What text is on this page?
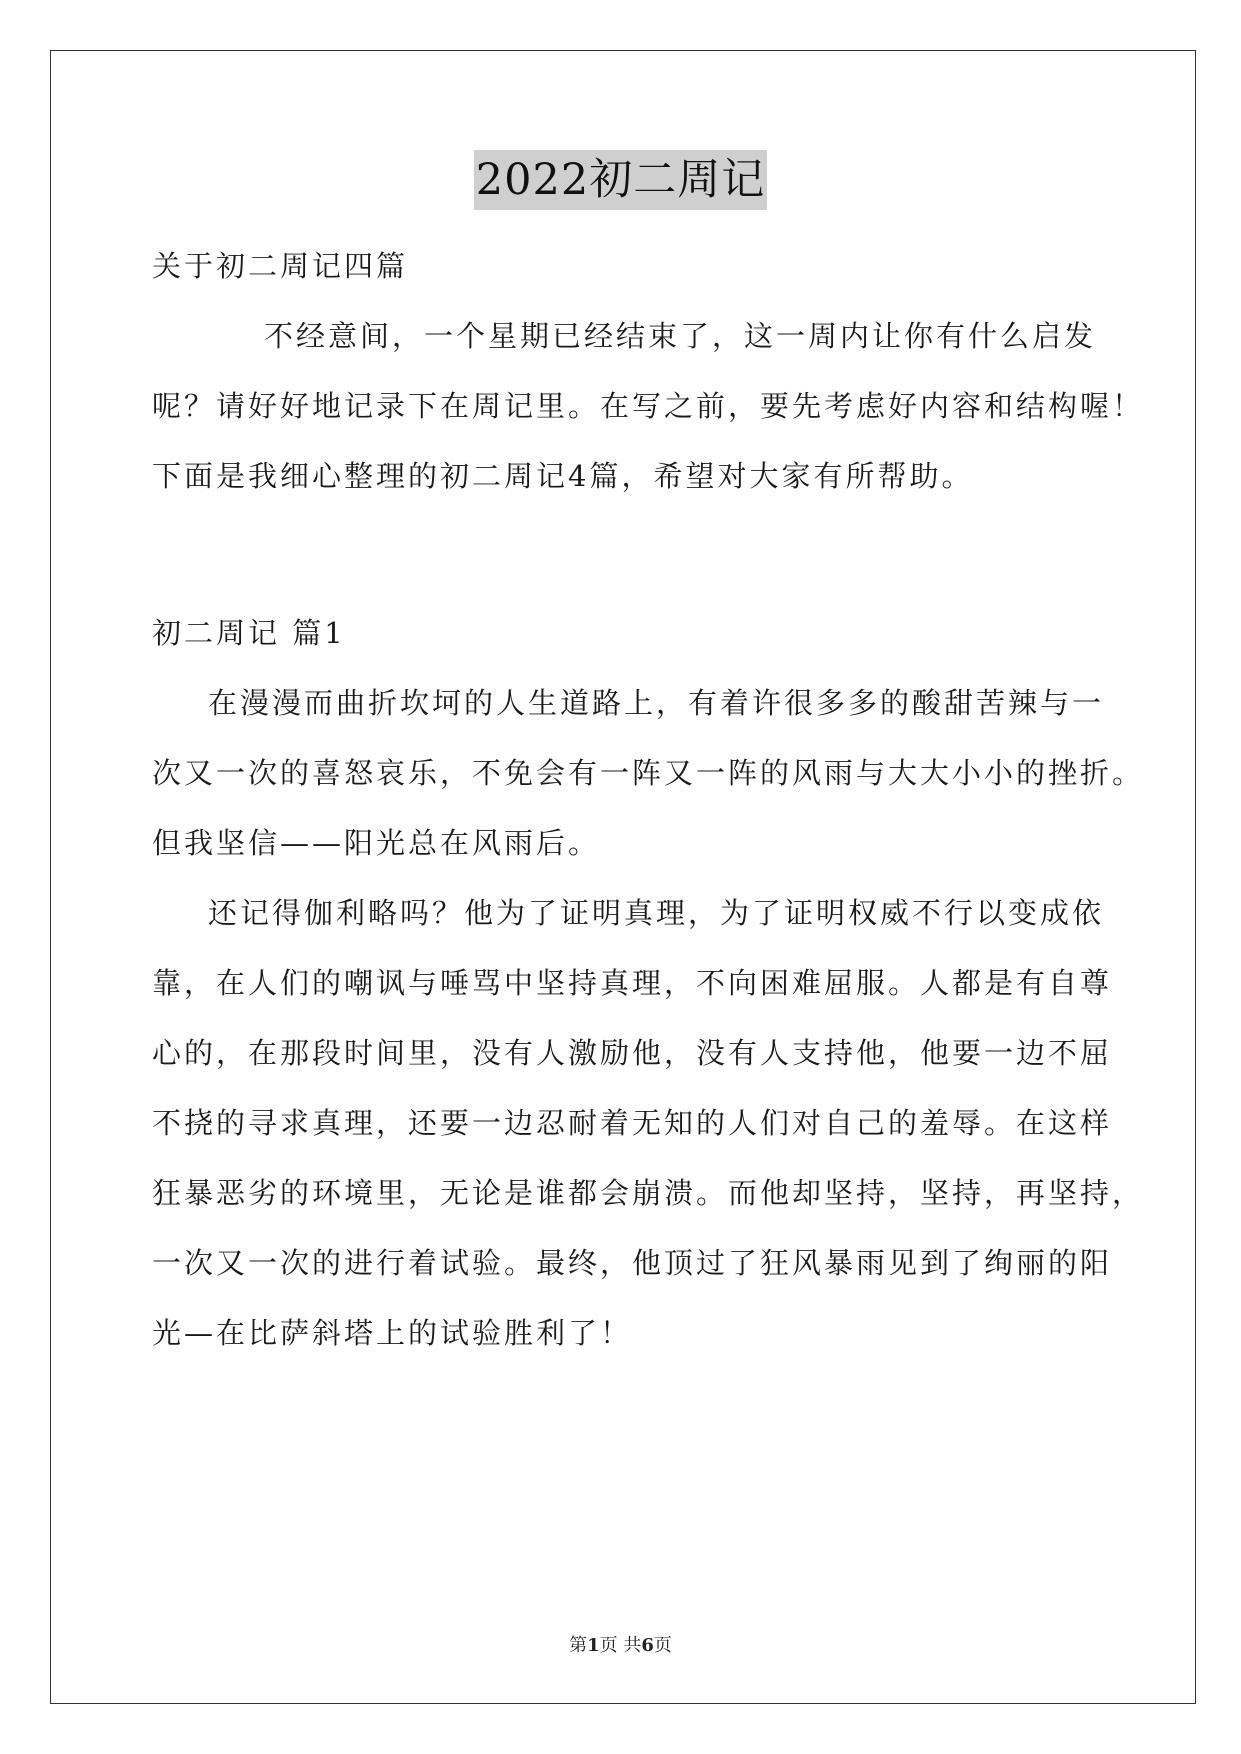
2022初二周记
关于初二周记四篇
不经意间，一个星期已经结束了，这一周内让你有什么启发
呢？请好好地记录下在周记里。在写之前，要先考虑好内容和结构喔！
下面是我细心整理的初二周记4篇，希望对大家有所帮助。
初二周记 篇1
在漫漫而曲折坎坷的人生道路上，有着许很多多的酸甜苦辣与一
次又一次的喜怒哀乐，不免会有一阵又一阵的风雨与大大小小的挫折。
但我坚信——阳光总在风雨后。
还记得伽利略吗？他为了证明真理，为了证明权威不行以变成依
靠，在人们的嘲讽与唾骂中坚持真理，不向困难屈服。人都是有自尊
心的，在那段时间里，没有人激励他，没有人支持他，他要一边不屈
不挠的寻求真理，还要一边忍耐着无知的人们对自己的羞辱。在这样
狂暴恶劣的环境里，无论是谁都会崩溃。而他却坚持，坚持，再坚持，
一次又一次的进行着试验。最终，他顶过了狂风暴雨见到了绚丽的阳
光—在比萨斜塔上的试验胜利了！
第1页 共6页
